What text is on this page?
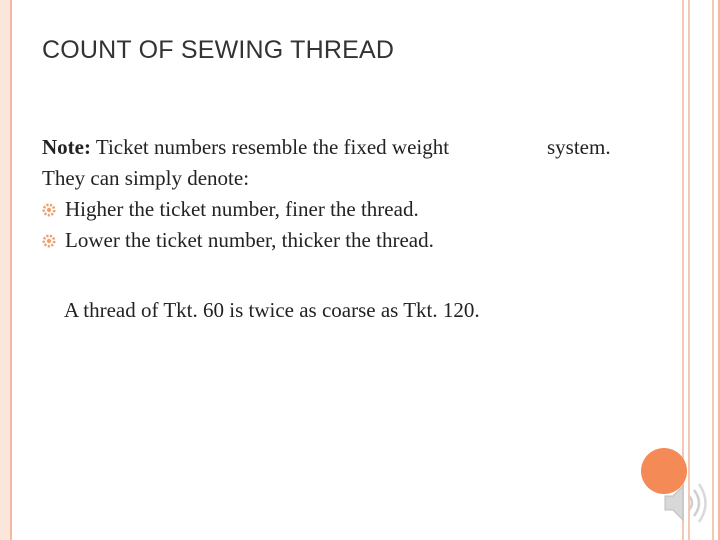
COUNT OF SEWING THREAD
Note: Ticket numbers resemble the fixed weight	system.
They can simply denote:
Higher the ticket number, finer the thread.
Lower the ticket number, thicker the thread.
A thread of Tkt. 60 is twice as coarse as Tkt. 120.
